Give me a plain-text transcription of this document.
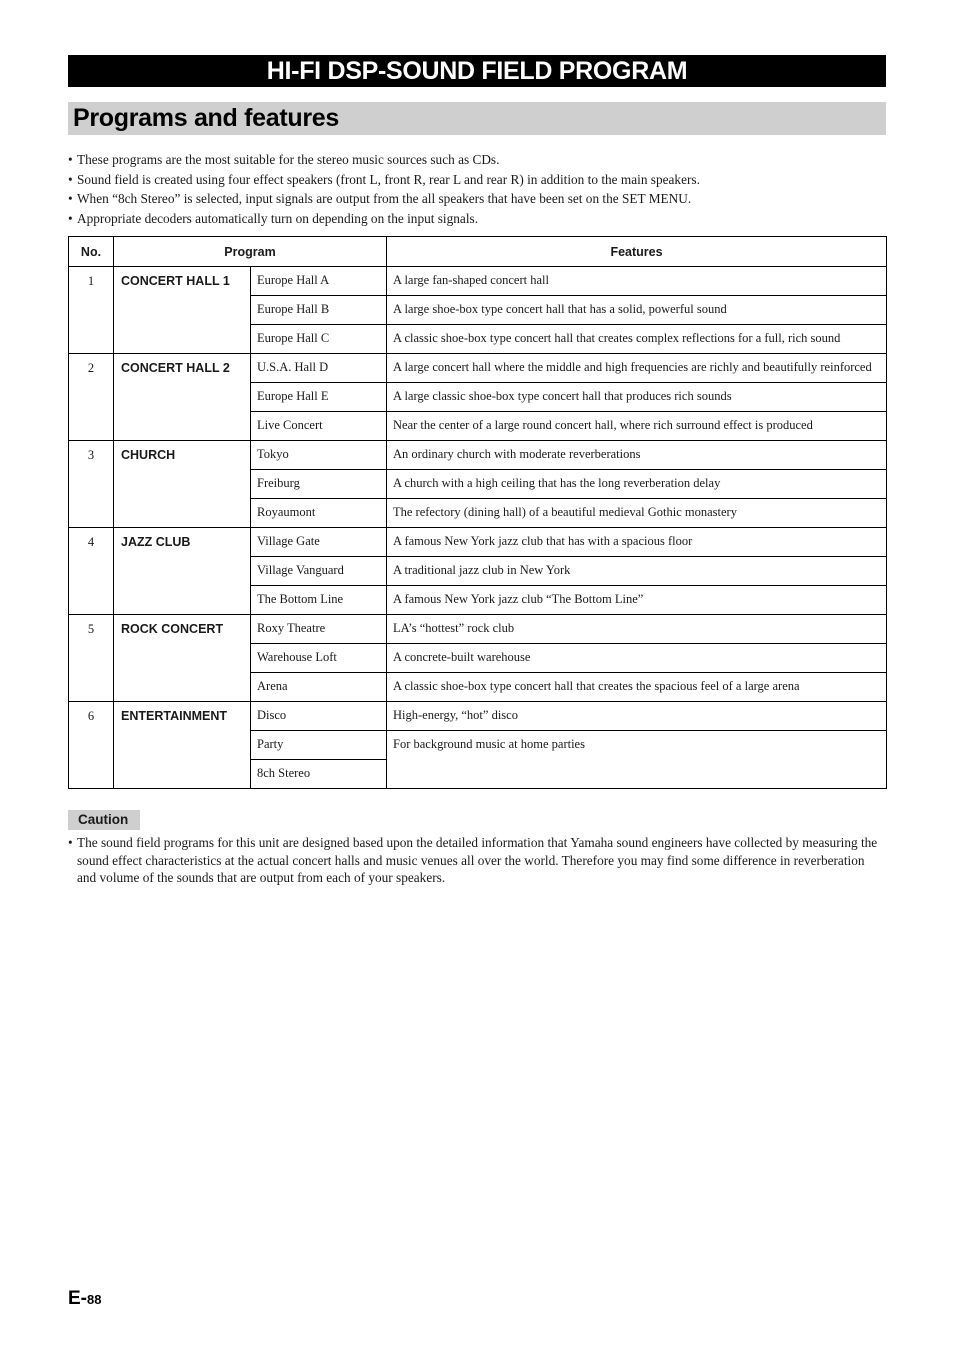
HI-FI DSP-SOUND FIELD PROGRAM
Programs and features
• These programs are the most suitable for the stereo music sources such as CDs.
• Sound field is created using four effect speakers (front L, front R, rear L and rear R) in addition to the main speakers.
• When “8ch Stereo” is selected, input signals are output from the all speakers that have been set on the SET MENU.
• Appropriate decoders automatically turn on depending on the input signals.
No.	Program		Features
1	CONCERT HALL 1	Europe Hall A	A large fan-shaped concert hall
		Europe Hall B	A large shoe-box type concert hall that has a solid, powerful sound
		Europe Hall C	A classic shoe-box type concert hall that creates complex reflections for a full, rich sound
2	CONCERT HALL 2	U.S.A. Hall D	A large concert hall where the middle and high frequencies are richly and beautifully reinforced
		Europe Hall E	A large classic shoe-box type concert hall that produces rich sounds
		Live Concert	Near the center of a large round concert hall, where rich surround effect is produced
3	CHURCH	Tokyo	An ordinary church with moderate reverberations
		Freiburg	A church with a high ceiling that has the long reverberation delay
		Royaumont	The refectory (dining hall) of a beautiful medieval Gothic monastery
4	JAZZ CLUB	Village Gate	A famous New York jazz club that has with a spacious floor
		Village Vanguard	A traditional jazz club in New York
		The Bottom Line	A famous New York jazz club “The Bottom Line”
5	ROCK CONCERT	Roxy Theatre	LA’s “hottest” rock club
		Warehouse Loft	A concrete-built warehouse
		Arena	A classic shoe-box type concert hall that creates the spacious feel of a large arena
6	ENTERTAINMENT	Disco	High-energy, “hot” disco
		Party	For background music at home parties
		8ch Stereo	
Caution
• The sound field programs for this unit are designed based upon the detailed information that Yamaha sound engineers have collected by measuring the sound effect characteristics at the actual concert halls and music venues all over the world. Therefore you may find some difference in reverberation and volume of the sounds that are output from each of your speakers.
E-88
